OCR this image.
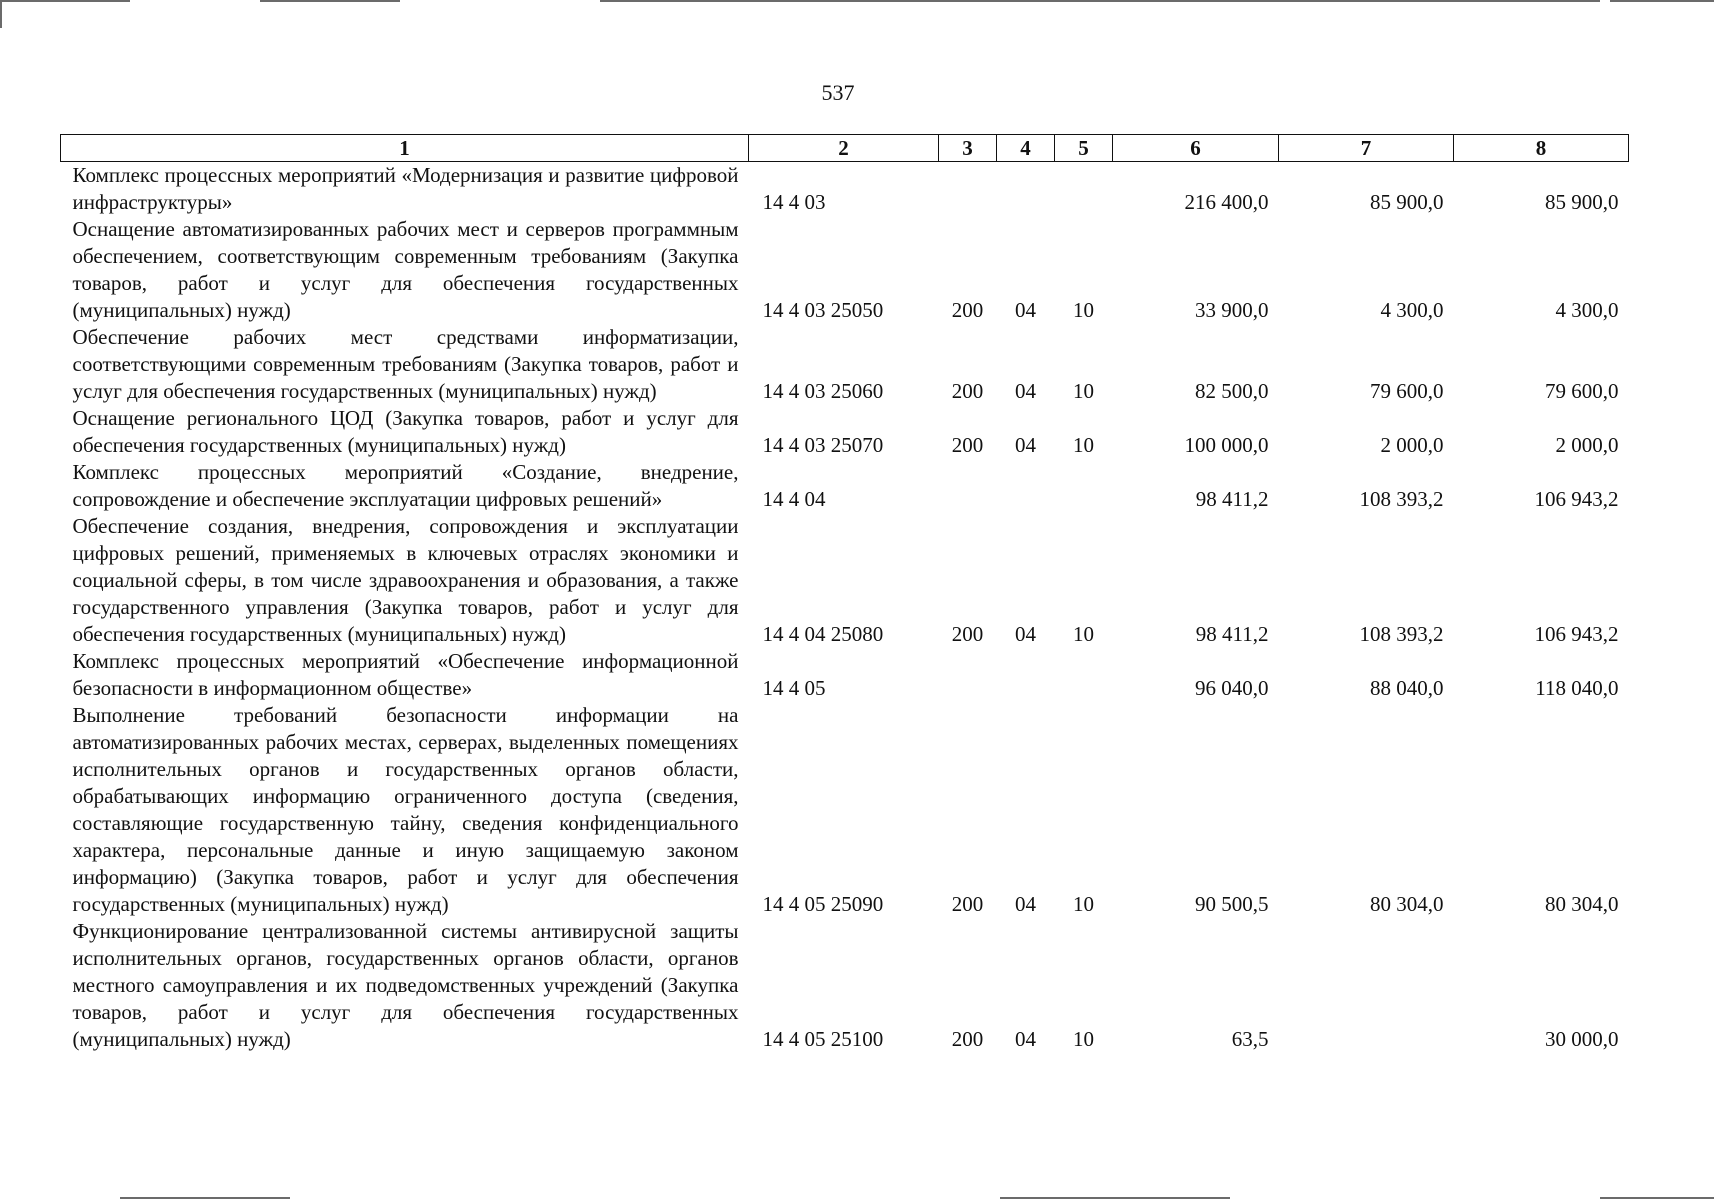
537
1	2	3	4	5	6	7	8
Комплекс процессных мероприятий «Модернизация и развитие цифровой инфраструктуры»	14 4 03				216 400,0	85 900,0	85 900,0
Оснащение автоматизированных рабочих мест и серверов программным обеспечением, соответствующим современным требованиям (Закупка товаров, работ и услуг для обеспечения государственных (муниципальных) нужд)	14 4 03 25050	200	04	10	33 900,0	4 300,0	4 300,0
Обеспечение рабочих мест средствами информатизации, соответствующими современным требованиям (Закупка товаров, работ и услуг для обеспечения государственных (муниципальных) нужд)	14 4 03 25060	200	04	10	82 500,0	79 600,0	79 600,0
Оснащение регионального ЦОД (Закупка товаров, работ и услуг для обеспечения государственных (муниципальных) нужд)	14 4 03 25070	200	04	10	100 000,0	2 000,0	2 000,0
Комплекс процессных мероприятий «Создание, внедрение, сопровождение и обеспечение эксплуатации цифровых решений»	14 4 04				98 411,2	108 393,2	106 943,2
Обеспечение создания, внедрения, сопровождения и эксплуатации цифровых решений, применяемых в ключевых отраслях экономики и социальной сферы, в том числе здравоохранения и образования, а также государственного управления (Закупка товаров, работ и услуг для обеспечения государственных (муниципальных) нужд)	14 4 04 25080	200	04	10	98 411,2	108 393,2	106 943,2
Комплекс процессных мероприятий «Обеспечение информационной безопасности в информационном обществе»	14 4 05				96 040,0	88 040,0	118 040,0
Выполнение требований безопасности информации на автоматизированных рабочих местах, серверах, выделенных помещениях исполнительных органов и государственных органов области, обрабатывающих информацию ограниченного доступа (сведения, составляющие государственную тайну, сведения конфиденциального характера, персональные данные и иную защищаемую законом информацию) (Закупка товаров, работ и услуг для обеспечения государственных (муниципальных) нужд)	14 4 05 25090	200	04	10	90 500,5	80 304,0	80 304,0
Функционирование централизованной системы антивирусной защиты исполнительных органов, государственных органов области, органов местного самоуправления и их подведомственных учреждений (Закупка товаров, работ и услуг для обеспечения государственных (муниципальных) нужд)	14 4 05 25100	200	04	10	63,5		30 000,0
